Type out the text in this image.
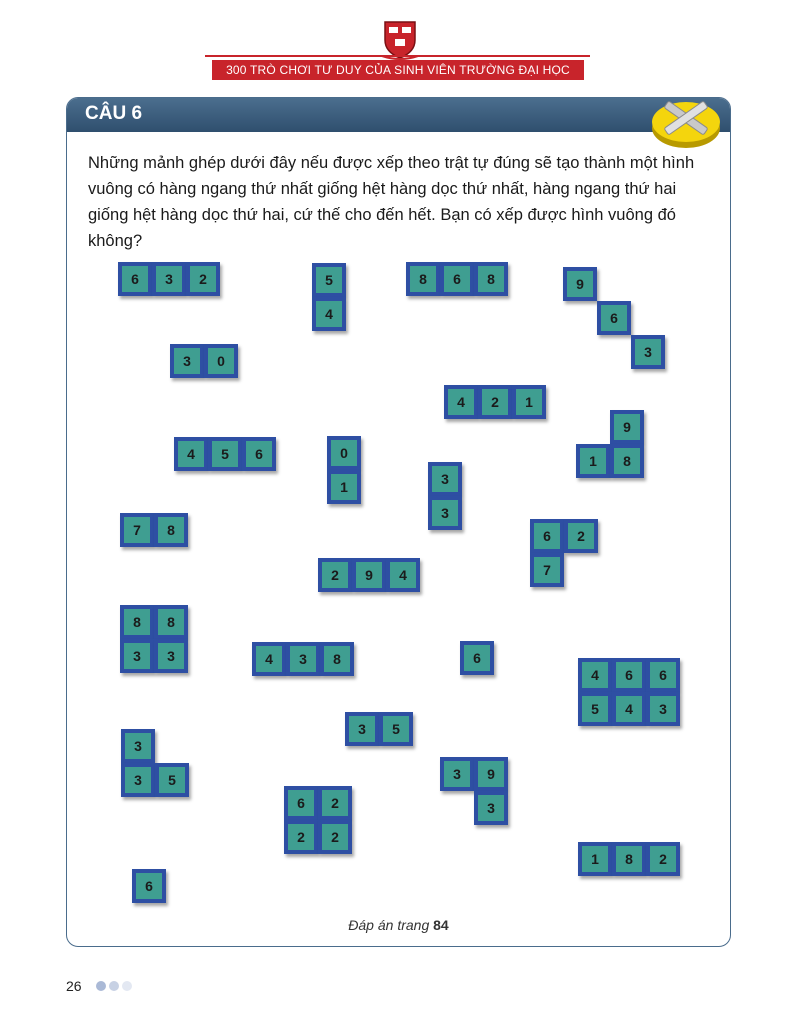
300 TRÒ CHƠI TƯ DUY CỦA SINH VIÊN TRƯỜNG ĐẠI HỌC HARVARD
CÂU 6
Những mảnh ghép dưới đây nếu được xếp theo trật tự đúng sẽ tạo thành một hình vuông có hàng ngang thứ nhất giống hệt hàng dọc thứ nhất, hàng ngang thứ hai giống hệt hàng dọc thứ hai, cứ thế cho đến hết. Bạn có xếp được hình vuông đó không?
6	3	2	5
4
8	6	8	9
6
3
3	0
4	2	1
9
1	8
4	5	6	0
1	3
3
7	8	6	2
7
2	9	4
8	8
3	3	4	3	8	6
4	6	6
5	4	3
3	5
3
3	5	3	9
3
6	2
2	2
1	8	2
6
Đáp án trang 84
26
